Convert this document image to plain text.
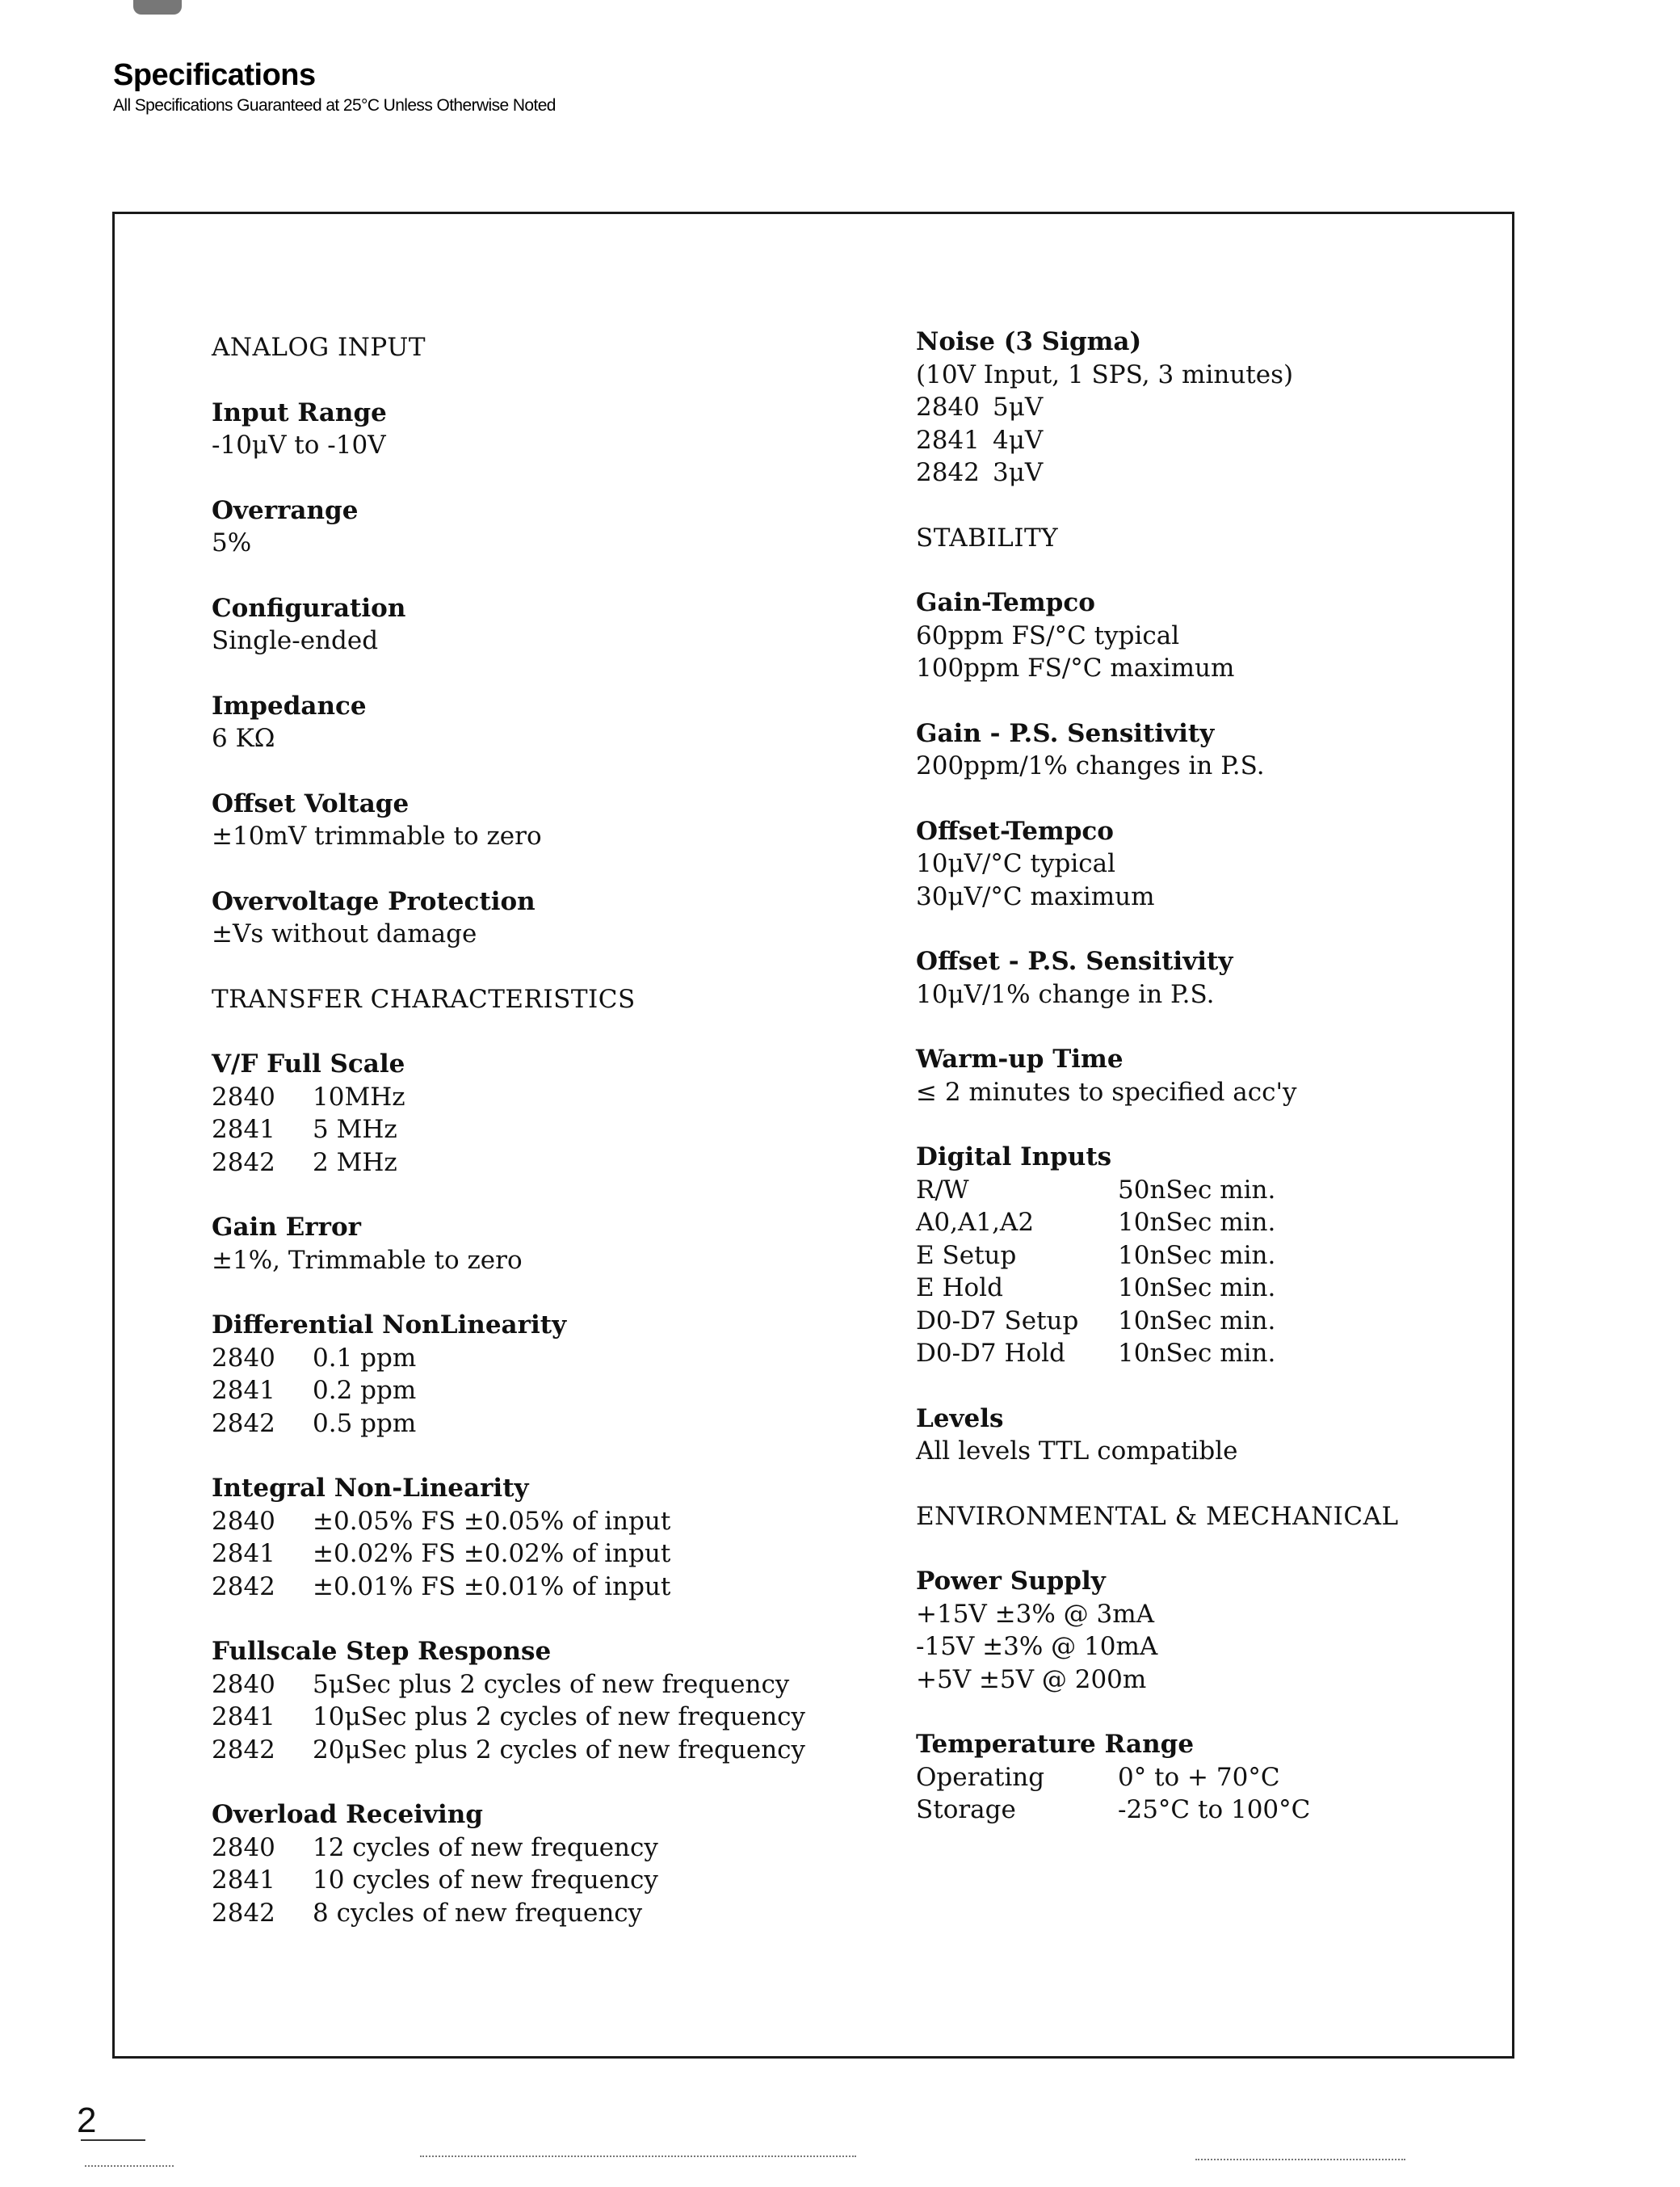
Specifications
All Specifications Guaranteed at 25°C Unless Otherwise Noted
ANALOG INPUT
Input Range
-10μV to -10V
Overrange
5%
Configuration
Single-ended
Impedance
6 KΩ
Offset Voltage
±10mV trimmable to zero
Overvoltage Protection
±Vs without damage
TRANSFER CHARACTERISTICS
V/F Full Scale
2840	10MHz
2841	5 MHz
2842	2 MHz
Gain Error
±1%, Trimmable to zero
Differential NonLinearity
2840	0.1 ppm
2841	0.2 ppm
2842	0.5 ppm
Integral Non-Linearity
2840	±0.05% FS ±0.05% of input
2841	±0.02% FS ±0.02% of input
2842	±0.01% FS ±0.01% of input
Fullscale Step Response
2840	5μSec plus 2 cycles of new frequency
2841	10μSec plus 2 cycles of new frequency
2842	20μSec plus 2 cycles of new frequency
Overload Receiving
2840	12 cycles of new frequency
2841	10 cycles of new frequency
2842	8 cycles of new frequency
Noise (3 Sigma)
(10V Input, 1 SPS, 3 minutes)
2840 5μV
2841 4μV
2842 3μV
STABILITY
Gain-Tempco
60ppm FS/°C typical
100ppm FS/°C maximum
Gain - P.S. Sensitivity
200ppm/1% changes in P.S.
Offset-Tempco
10μV/°C typical
30μV/°C maximum
Offset - P.S. Sensitivity
10μV/1% change in P.S.
Warm-up Time
≤ 2 minutes to specified acc'y
Digital Inputs
R/W	50nSec min.
A0,A1,A2	10nSec min.
E Setup	10nSec min.
E Hold	10nSec min.
D0-D7 Setup	10nSec min.
D0-D7 Hold	10nSec min.
Levels
All levels TTL compatible
ENVIRONMENTAL & MECHANICAL
Power Supply
+15V ±3% @ 3mA
-15V ±3% @ 10mA
+5V ±5V @ 200m
Temperature Range
Operating	0° to + 70°C
Storage	-25°C to 100°C
2
